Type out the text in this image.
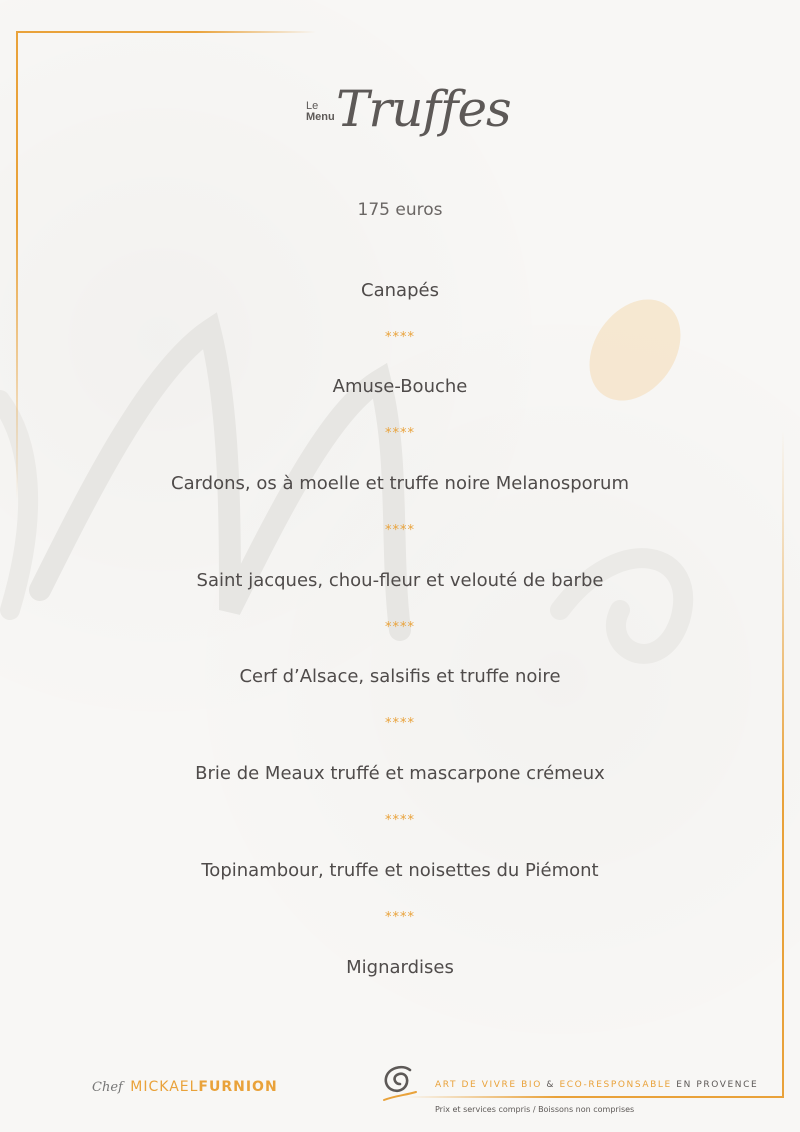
Le
Menu Truffes
175 euros
Canapés
****
Amuse-Bouche
****
Cardons, os à moelle et truffe noire Melanosporum
****
Saint jacques, chou-fleur et velouté de barbe
****
Cerf d’Alsace, salsifis et truffe noire
****
Brie de Meaux truffé et mascarpone crémeux
****
Topinambour, truffe et noisettes du Piémont
****
Mignardises
Chef MICKAELFURNION	ART DE VIVRE BIO & ECO-RESPONSABLE EN PROVENCE
Prix et services compris / Boissons non comprises
